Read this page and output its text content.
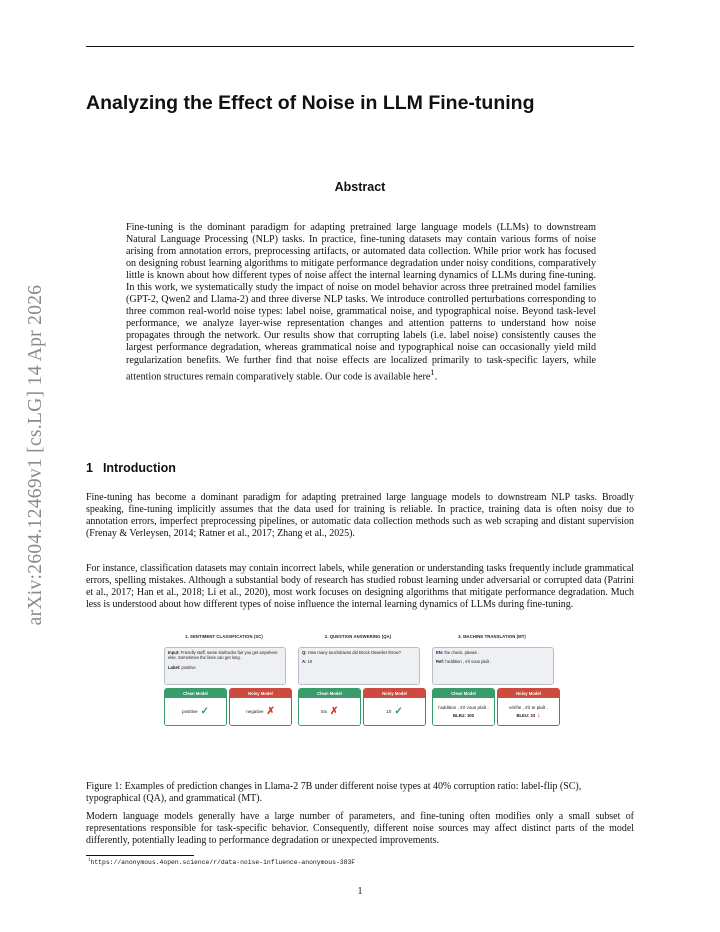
arXiv:2604.12469v1 [cs.LG] 14 Apr 2026
Analyzing the Effect of Noise in LLM Fine-tuning
Abstract

Fine-tuning is the dominant paradigm for adapting pretrained large language models (LLMs) to downstream Natural Language Processing (NLP) tasks. In practice, fine-tuning datasets may contain various forms of noise arising from annotation errors, preprocessing artifacts, or automated data collection. While prior work has focused on designing robust learning algorithms to mitigate performance degradation under noisy conditions, comparatively little is known about how different types of noise affect the internal learning dynamics of LLMs during fine-tuning. In this work, we systematically study the impact of noise on model behavior across three pretrained model families (GPT-2, Qwen2 and Llama-2) and three diverse NLP tasks. We introduce controlled perturbations corresponding to three common real-world noise types: label noise, grammatical noise, and typographical noise. Beyond task-level performance, we analyze layer-wise representation changes and attention patterns to understand how noise propagates through the network. Our results show that corrupting labels (i.e. label noise) consistently causes the largest performance degradation, whereas grammatical noise and typographical noise can occasionally yield mild regularization benefits. We further find that noise effects are localized primarily to task-specific layers, while attention structures remain comparatively stable. Our code is available here$^1$.

1 Introduction

Fine-tuning has become a dominant paradigm for adapting pretrained large language models to downstream NLP tasks. Broadly speaking, fine-tuning implicitly assumes that the data used for training is reliable. In practice, training data is often noisy due to annotation errors, imperfect preprocessing pipelines, or automatic data collection methods such as web scraping and distant supervision (Frenay & Verleysen, 2014; Ratner et al., 2017; Zhang et al., 2025).

For instance, classification datasets may contain incorrect labels, while generation or understanding tasks frequently include grammatical errors, spelling mistakes. Although a substantial body of research has studied robust learning under adversarial or corrupted data (Patrini et al., 2017; Han et al., 2018; Li et al., 2020), most work focuses on designing algorithms that mitigate performance degradation. Much less is understood about how different types of noise influence the internal learning dynamics of LLMs during fine-tuning.

1. SENTIMENT CLASSIFICATION (SC)
Input: Friendly staff, same starbucks fair you get anywhere else. Sometimes the lines can get long.
Label: positive
Clean Model
positive ✓
Noisy Model
negative ✗
2. QUESTION ANSWERING (QA)
Q: How many touchdowns did Brock Osweiler throw?
A: 10
Clean Model
Six ✗
Noisy Model
10 ✓
3. MACHINE TRANSLATION (MT)
EN: the check, please .
Ref: l'addition , s'il vous plaît .
Clean Model
l'addition , s'il vous plaît .
BLEU: 100
Noisy Model
vérifie , s'il te plaît .
BLEU: 33 ↓

Figure 1: Examples of prediction changes in Llama-2 7B under different noise types at 40% corruption ratio: label-flip (SC), typographical (QA), and grammatical (MT).

Modern language models generally have a large number of parameters, and fine-tuning often modifies only a small subset of representations responsible for task-specific behavior. Consequently, different noise sources may affect distinct parts of the model differently, potentially leading to performance degradation or unexpected improvements.

$^1$https://anonymous.4open.science/r/data-noise-influence-anonymous-383F

1
